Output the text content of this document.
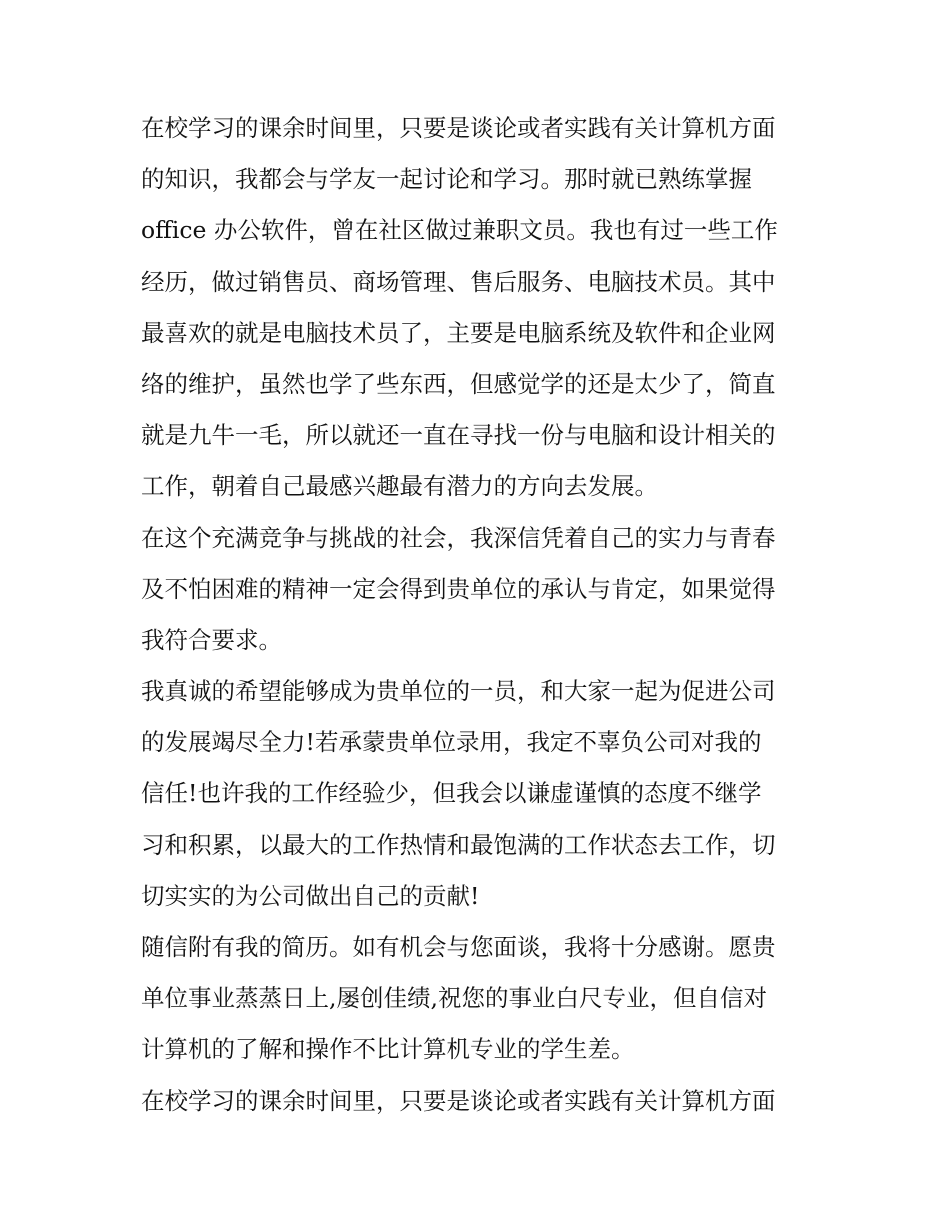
在校学习的课余时间里，只要是谈论或者实践有关计算机方面
的知识，我都会与学友一起讨论和学习。那时就已熟练掌握
office 办公软件，曾在社区做过兼职文员。我也有过一些工作
经历，做过销售员、商场管理、售后服务、电脑技术员。其中
最喜欢的就是电脑技术员了，主要是电脑系统及软件和企业网
络的维护，虽然也学了些东西，但感觉学的还是太少了，简直
就是九牛一毛，所以就还一直在寻找一份与电脑和设计相关的
工作，朝着自己最感兴趣最有潜力的方向去发展。
在这个充满竞争与挑战的社会，我深信凭着自己的实力与青春
及不怕困难的精神一定会得到贵单位的承认与肯定，如果觉得
我符合要求。
我真诚的希望能够成为贵单位的一员，和大家一起为促进公司
的发展竭尽全力!若承蒙贵单位录用，我定不辜负公司对我的
信任!也许我的工作经验少，但我会以谦虚谨慎的态度不继学
习和积累，以最大的工作热情和最饱满的工作状态去工作，切
切实实的为公司做出自己的贡献!
随信附有我的简历。如有机会与您面谈，我将十分感谢。愿贵
单位事业蒸蒸日上,屡创佳绩,祝您的事业白尺专业，但自信对
计算机的了解和操作不比计算机专业的学生差。
在校学习的课余时间里，只要是谈论或者实践有关计算机方面
